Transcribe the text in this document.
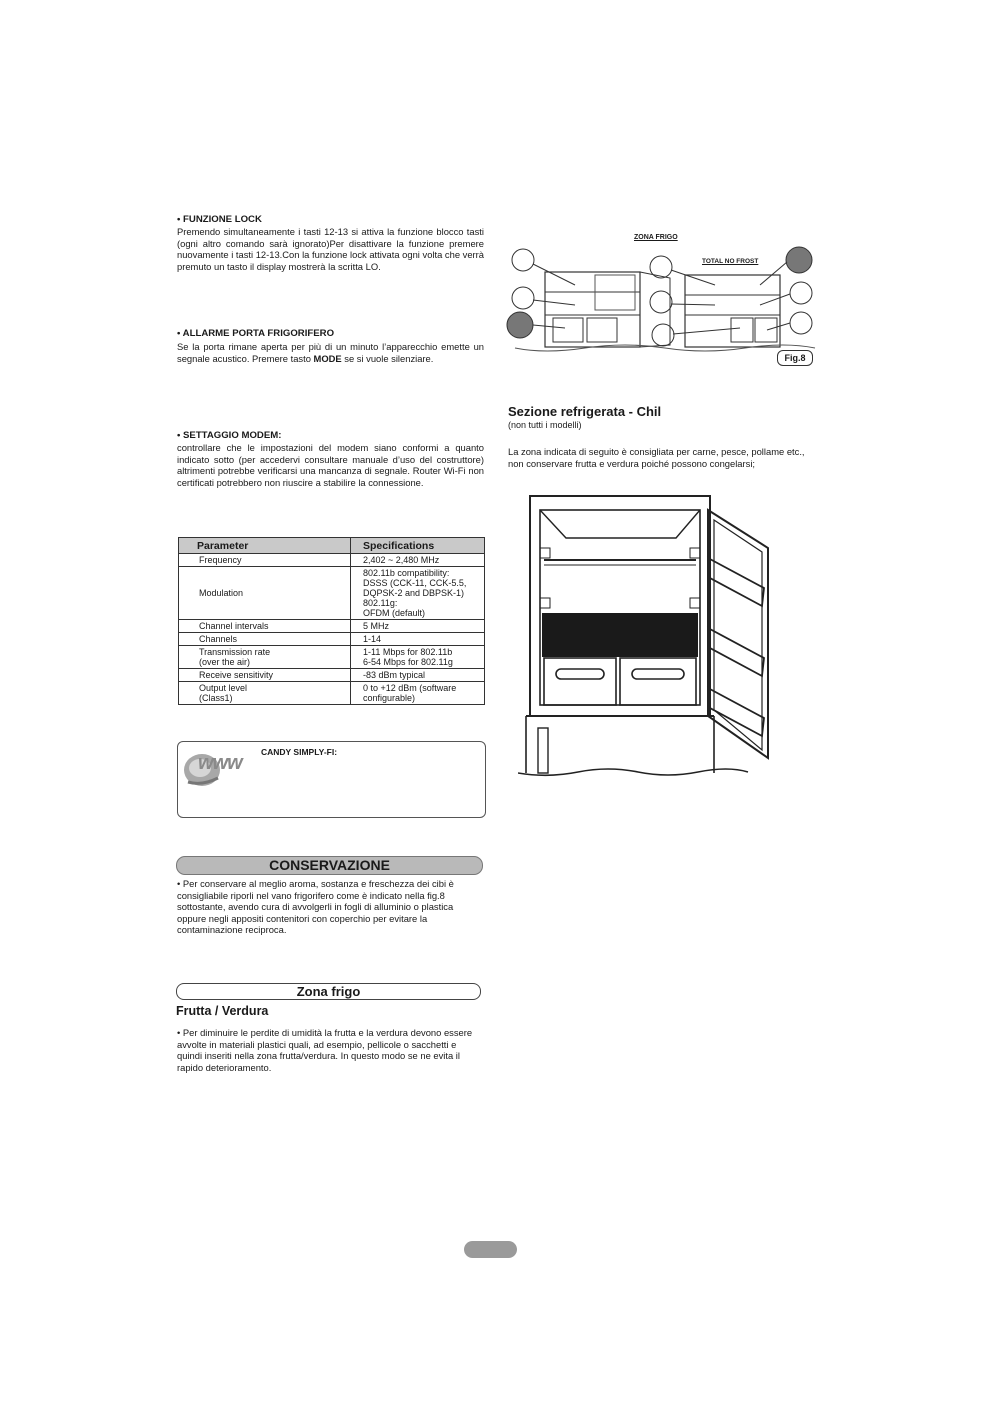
• FUNZIONE LOCK
Premendo simultaneamente i tasti 12-13 si attiva la funzione blocco tasti (ogni altro comando sarà ignorato)Per disattivare la funzione premere nuovamente i tasti 12-13.Con la funzione lock attivata ogni volta che verrà premuto un tasto il display mostrerà la scritta LO.
• ALLARME PORTA FRIGORIFERO
Se la porta rimane aperta per più di un minuto l’apparecchio emette un segnale acustico. Premere tasto MODE se si vuole silenziare.
• SETTAGGIO MODEM:
controllare che le impostazioni del modem siano conformi a quanto indicato sotto (per accedervi consultare manuale d’uso del costruttore) altrimenti potrebbe verificarsi una mancanza di segnale. Router Wi-Fi non certificati potrebbero non riuscire a stabilire la connessione.
Parameter	Specifications
Frequency	2,402 ~ 2,480 MHz
Modulation	802.11b compatibility:
DSSS (CCK-11, CCK-5.5,
DQPSK-2 and DBPSK-1)
802.11g:
OFDM (default)
Channel intervals	5 MHz
Channels	1-14
Transmission rate
(over the air)	1-11 Mbps for 802.11b
6-54 Mbps for 802.11g
Receive sensitivity	-83 dBm typical
Output level
(Class1)	0 to +12 dBm (software
configurable)
www CANDY SIMPLY-FI:
CONSERVAZIONE
• Per conservare al meglio aroma, sostanza e freschezza dei cibi è consigliabile riporli nel vano frigorifero come è indicato nella fig.8 sottostante, avendo cura di avvolgerli in fogli di alluminio o plastica oppure negli appositi contenitori con coperchio per evitare la contaminazione reciproca.
Zona frigo
Frutta / Verdura
• Per diminuire le perdite di umidità la frutta e la verdura devono essere avvolte in materiali plastici quali, ad esempio, pellicole o sacchetti e quindi inseriti nella zona frutta/verdura. In questo modo se ne evita il rapido deterioramento.
ZONA FRIGO
TOTAL NO FROST
Fig.8
Sezione refrigerata - Chil
(non tutti i modelli)
La zona indicata di seguito è consigliata per carne, pesce, pollame etc., non conservare frutta e verdura poiché possono congelarsi;
